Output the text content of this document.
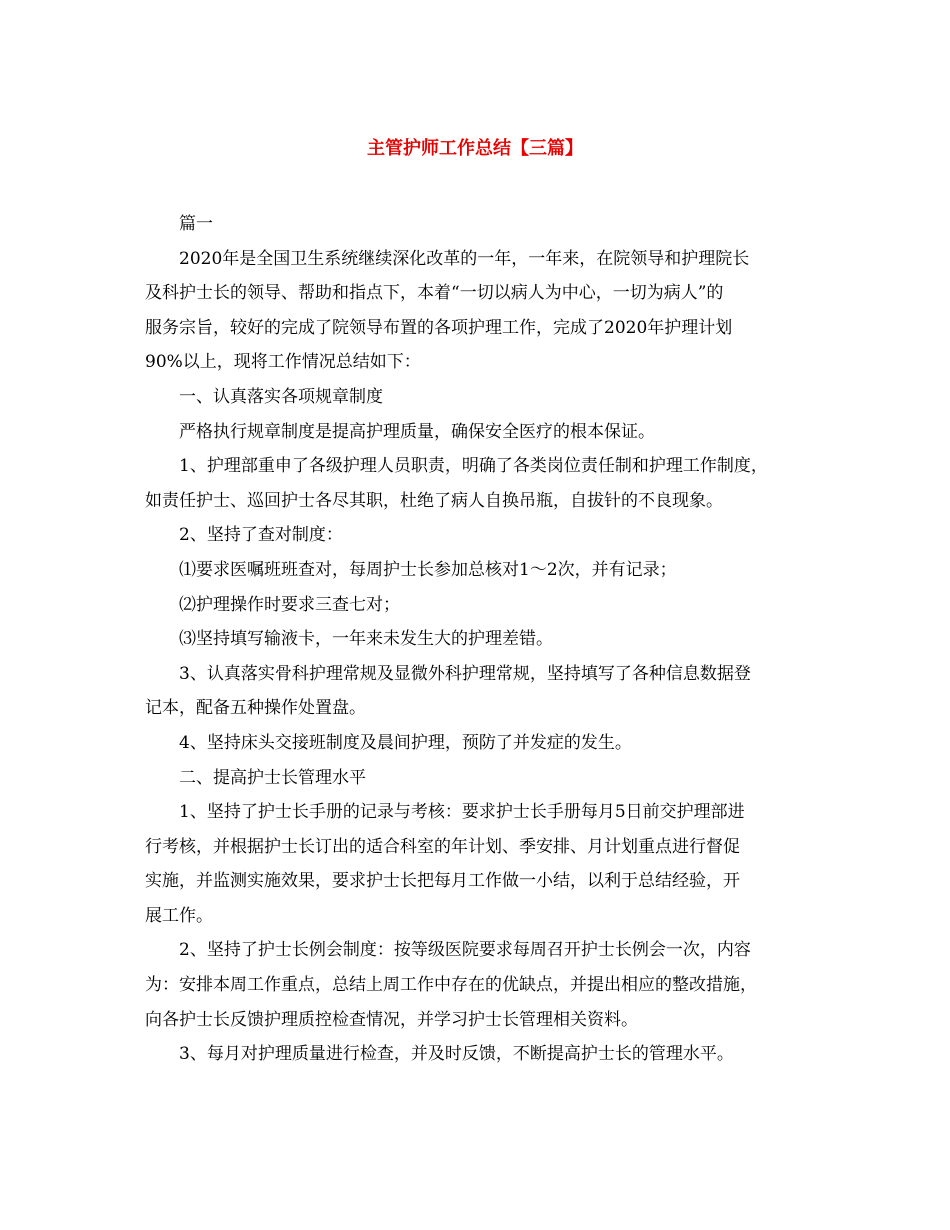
主管护师工作总结【三篇】

篇一

2020年是全国卫生系统继续深化改革的一年，一年来，在院领导和护理院长

及科护士长的领导、帮助和指点下，本着“一切以病人为中心，一切为病人”的

服务宗旨，较好的完成了院领导布置的各项护理工作，完成了2020年护理计划

90%以上，现将工作情况总结如下：

一、认真落实各项规章制度

严格执行规章制度是提高护理质量，确保安全医疗的根本保证。

1、护理部重申了各级护理人员职责，明确了各类岗位责任制和护理工作制度，

如责任护士、巡回护士各尽其职，杜绝了病人自换吊瓶，自拔针的不良现象。

2、坚持了查对制度：

⑴要求医嘱班班查对，每周护士长参加总核对1～2次，并有记录；

⑵护理操作时要求三查七对；

⑶坚持填写输液卡，一年来未发生大的护理差错。

3、认真落实骨科护理常规及显微外科护理常规，坚持填写了各种信息数据登

记本，配备五种操作处置盘。

4、坚持床头交接班制度及晨间护理，预防了并发症的发生。

二、提高护士长管理水平

1、坚持了护士长手册的记录与考核：要求护士长手册每月5日前交护理部进

行考核，并根据护士长订出的适合科室的年计划、季安排、月计划重点进行督促

实施，并监测实施效果，要求护士长把每月工作做一小结，以利于总结经验，开

展工作。

2、坚持了护士长例会制度：按等级医院要求每周召开护士长例会一次，内容

为：安排本周工作重点，总结上周工作中存在的优缺点，并提出相应的整改措施，

向各护士长反馈护理质控检查情况，并学习护士长管理相关资料。

3、每月对护理质量进行检查，并及时反馈，不断提高护士长的管理水平。
